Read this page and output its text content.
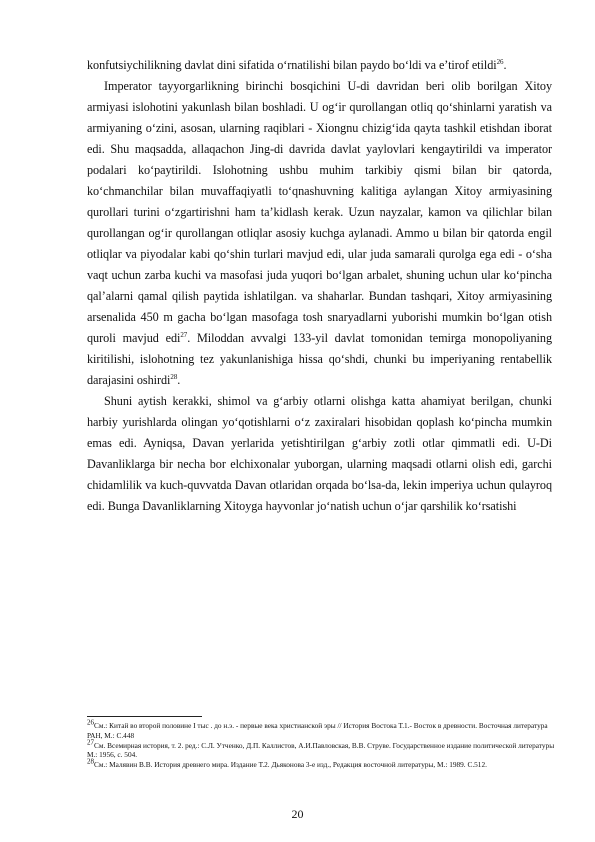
konfutsiychilikning davlat dini sifatida o‘rnatilishi bilan paydo bo‘ldi va e’tirof etildi$^{26}$.

Imperator tayyorgarlikning birinchi bosqichini U-di davridan beri olib borilgan Xitoy armiyasi islohotini yakunlash bilan boshladi. U og‘ir qurollangan otliq qo‘shinlarni yaratish va armiyaning o‘zini, asosan, ularning raqiblari - Xiongnu chizig‘ida qayta tashkil etishdan iborat edi. Shu maqsadda, allaqachon Jing-di davrida davlat yaylovlari kengaytirildi va imperator podalari ko‘paytirildi. Islohotning ushbu muhim tarkibiy qismi bilan bir qatorda, ko‘chmanchilar bilan muvaffaqiyatli to‘qnashuvning kalitiga aylangan Xitoy armiyasining qurollari turini o‘zgartirishni ham ta’kidlash kerak. Uzun nayzalar, kamon va qilichlar bilan qurollangan og‘ir qurollangan otliqlar asosiy kuchga aylanadi. Ammo u bilan bir qatorda engil otliqlar va piyodalar kabi qo‘shin turlari mavjud edi, ular juda samarali qurolga ega edi - o‘sha vaqt uchun zarba kuchi va masofasi juda yuqori bo‘lgan arbalet, shuning uchun ular ko‘pincha qal’alarni qamal qilish paytida ishlatilgan. va shaharlar. Bundan tashqari, Xitoy armiyasining arsenalida 450 m gacha bo‘lgan masofaga tosh snaryadlarni yuborishi mumkin bo‘lgan otish quroli mavjud edi$^{27}$. Miloddan avvalgi 133-yil davlat tomonidan temirga monopoliyaning kiritilishi, islohotning tez yakunlanishiga hissa qo‘shdi, chunki bu imperiyaning rentabellik darajasini oshirdi$^{28}$.

Shuni aytish kerakki, shimol va g‘arbiy otlarni olishga katta ahamiyat berilgan, chunki harbiy yurishlarda olingan yo‘qotishlarni o‘z zaxiralari hisobidan qoplash ko‘pincha mumkin emas edi. Ayniqsa, Davan yerlarida yetishtirilgan g‘arbiy zotli otlar qimmatli edi. U-Di Davanliklarga bir necha bor elchixonalar yuborgan, ularning maqsadi otlarni olish edi, garchi chidamlilik va kuch-quvvatda Davan otlaridan orqada bo‘lsa-da, lekin imperiya uchun qulayroq edi. Bunga Davanliklarning Xitoyga hayvonlar jo‘natish uchun o‘jar qarshilik ko‘rsatishi

$^{26}$См.: Китай во второй половине I тыс . до н.э. - первые века христианской эры // История Востока Т.1.- Восток в древности. Восточная литература РАН, М.: С.448

$^{27}$См. Всемирная история, т. 2. ред.: С.Л. Утченко, Д.П. Каллистов, А.И.Павловская, В.В. Струве. Государственное издание политической литературы М.: 1956, с. 504.

$^{28}$См.: Малявин В.В. История древнего мира. Издание Т.2. Дьяконова 3-е изд., Редакция восточной литературы, М.: 1989. С.512.

20
